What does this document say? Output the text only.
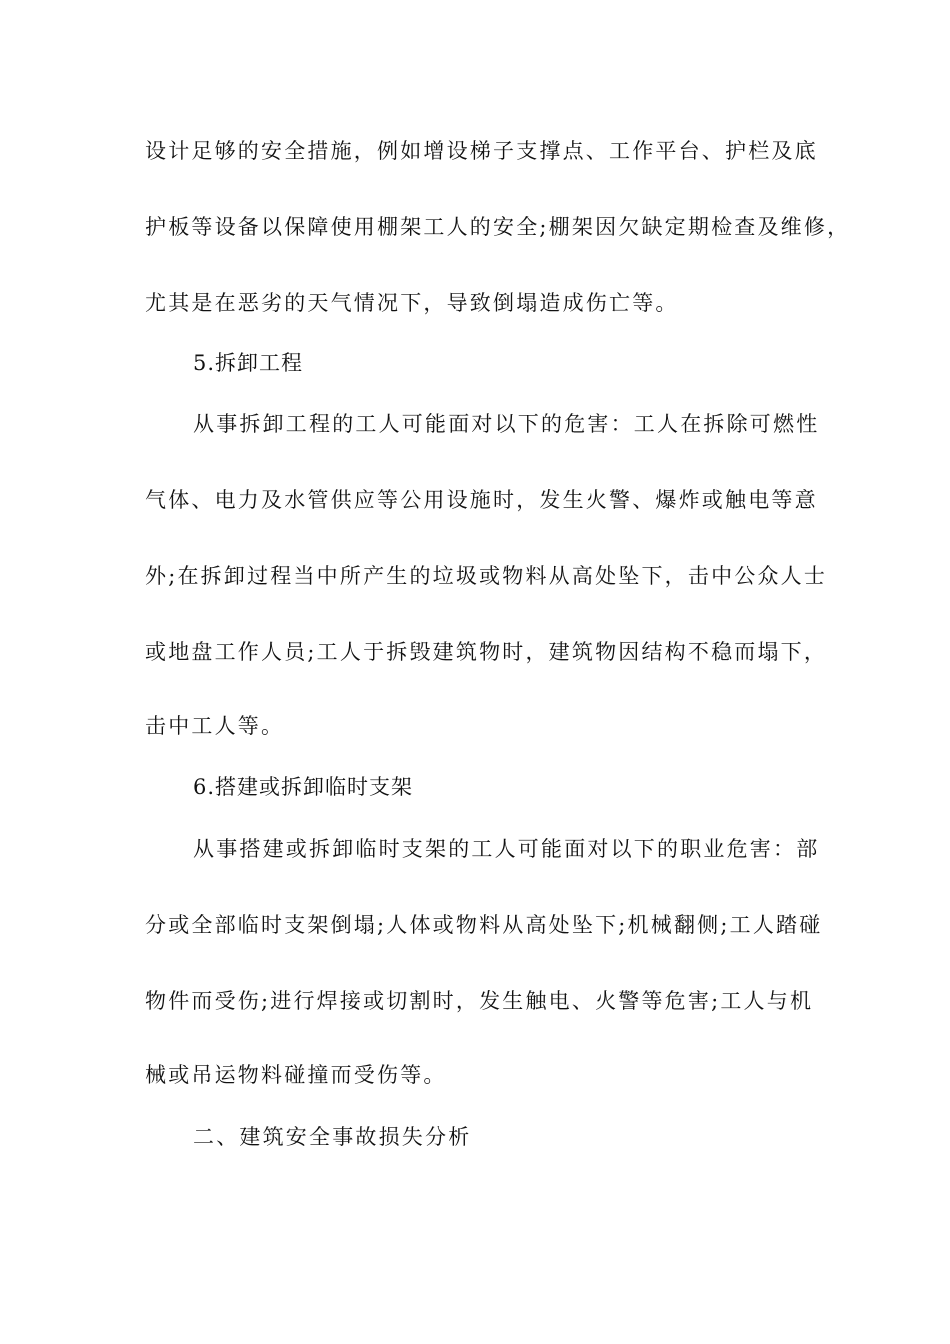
设计足够的安全措施，例如增设梯子支撑点、工作平台、护栏及底
护板等设备以保障使用棚架工人的安全;棚架因欠缺定期检查及维修，
尤其是在恶劣的天气情况下，导致倒塌造成伤亡等。
5.拆卸工程
从事拆卸工程的工人可能面对以下的危害：工人在拆除可燃性
气体、电力及水管供应等公用设施时，发生火警、爆炸或触电等意
外;在拆卸过程当中所产生的垃圾或物料从高处坠下，击中公众人士
或地盘工作人员;工人于拆毁建筑物时，建筑物因结构不稳而塌下，
击中工人等。
6.搭建或拆卸临时支架
从事搭建或拆卸临时支架的工人可能面对以下的职业危害：部
分或全部临时支架倒塌;人体或物料从高处坠下;机械翻侧;工人踏碰
物件而受伤;进行焊接或切割时，发生触电、火警等危害;工人与机
械或吊运物料碰撞而受伤等。
二、建筑安全事故损失分析
